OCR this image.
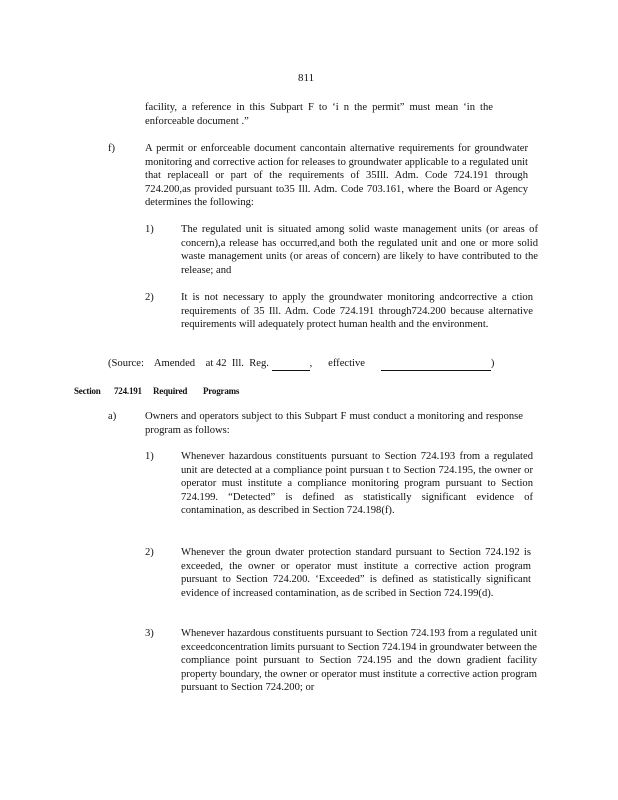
811
facility, a reference in this Subpart F to ‘i n the permit” must mean ‘in the enforceable document .”
f)	A permit or enforceable document cancontain alternative requirements for groundwater monitoring and corrective action for releases to groundwater applicable to a regulated unit that replaceall or part of the requirements of 35Ill. Adm. Code 724.191 through 724.200,as provided pursuant to35 Ill. Adm. Code 703.161, where the Board or Agency determines the following:
1)	The regulated unit is situated among solid waste management units (or areas of concern),a release has occurred,and both the regulated unit and one or more solid waste management units (or areas of concern) are likely to have contributed to the release; and
2)	It is not necessary to apply the groundwater monitoring andcorrective a ction requirements of 35 Ill. Adm. Code 724.191 through724.200 because alternative requirements will adequately protect human health and the environment.
(Source:    Amended    at 42  Ill.  Reg.	,      effective	)
Section 724.191 Required Programs
a)	Owners and operators subject to this Subpart F must conduct a monitoring and response program as follows:
1)	Whenever hazardous constituents pursuant to Section 724.193 from a regulated unit are detected at a compliance point pursuan t to Section 724.195, the owner or operator must institute a compliance monitoring program pursuant to Section 724.199. “Detected” is defined as statistically significant evidence of contamination, as described in Section 724.198(f).
2)	Whenever the groun dwater protection standard pursuant to Section 724.192 is exceeded, the owner or operator must institute a corrective action program pursuant to Section 724.200. ‘Exceeded” is defined as statistically significant evidence of increased contamination, as de scribed in Section 724.199(d).
3)	Whenever hazardous constituents pursuant to Section 724.193 from a regulated unit exceedconcentration limits pursuant to Section 724.194 in groundwater between the compliance point pursuant to Section 724.195 and the down gradient facility property boundary, the owner or operator must institute a corrective action program pursuant to Section 724.200; or
